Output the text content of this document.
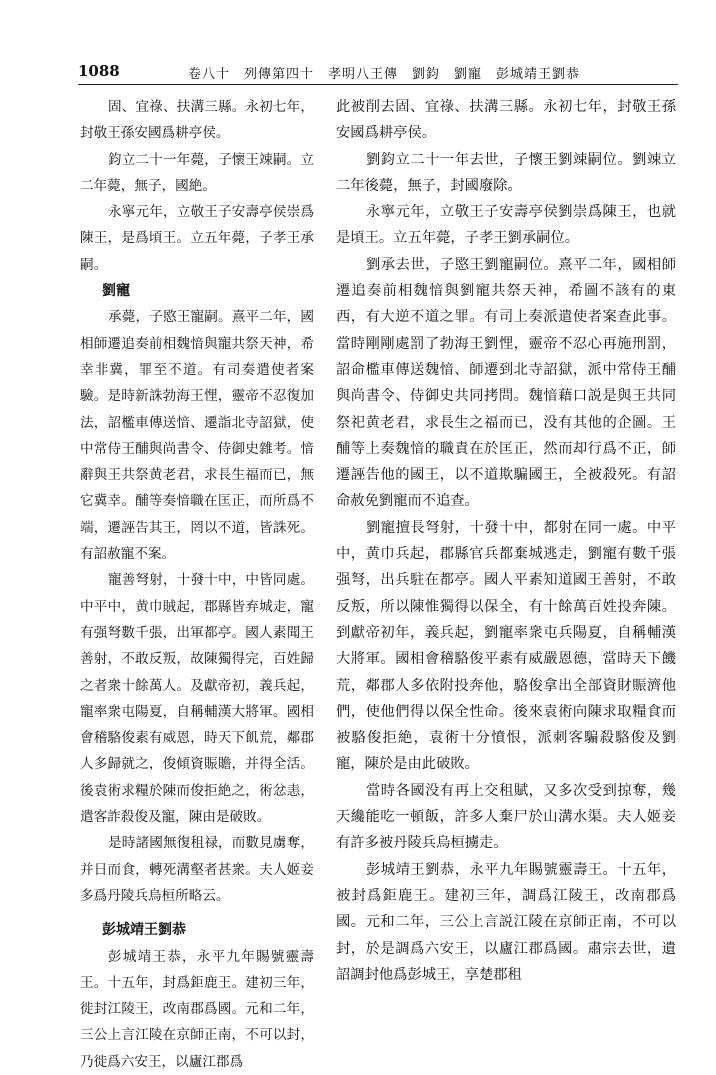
1088	卷八十　列傳第四十　孝明八王傳　劉鈞　劉寵　彭城靖王劉恭

固、宜祿、扶溝三縣。永初七年，封敬王孫安國爲耕亭侯。

鈞立二十一年薨，子懷王竦嗣。立二年薨，無子，國絶。

永寧元年，立敬王子安壽亭侯崇爲陳王，是爲頃王。立五年薨，子孝王承嗣。

劉寵

承薨，子愍王寵嗣。熹平二年，國相師遷追奏前相魏愔與寵共祭天神，希幸非冀，罪至不道。有司奏遣使者案驗。是時新誅勃海王悝，靈帝不忍復加法，詔檻車傳送愔、遷詣北寺詔獄，使中常侍王酺與尚書令、侍御史雜考。愔辭與王共祭黄老君，求長生福而已，無它冀幸。酺等奏愔職在匡正，而所爲不端，遷誣告其王，罔以不道，皆誅死。有詔赦寵不案。

寵善弩射，十發十中，中皆同處。中平中，黄巾賊起，郡縣皆弃城走，寵有强弩數千張，出軍都亭。國人素聞王善射，不敢反叛，故陳獨得完，百姓歸之者衆十餘萬人。及獻帝初，義兵起，寵率衆屯陽夏，自稱輔漢大將軍。國相會稽駱俊素有威恩，時天下飢荒，鄰郡人多歸就之，俊傾資賑贍，并得全活。後袁術求糧於陳而俊拒絶之，術忿恚，遣客詐殺俊及寵，陳由是破敗。

是時諸國無復租禄，而數見虜奪，并日而食，轉死溝壑者甚衆。夫人姬妾多爲丹陵兵烏桓所略云。

彭城靖王劉恭

彭城靖王恭，永平九年賜號靈壽王。十五年，封爲鉅鹿王。建初三年，徙封江陵王，改南郡爲國。元和二年，三公上言江陵在京師正南，不可以封，乃徙爲六安王，以廬江郡爲

此被削去固、宜祿、扶溝三縣。永初七年，封敬王孫安國爲耕亭侯。

劉鈞立二十一年去世，子懷王劉竦嗣位。劉竦立二年後薨，無子，封國廢除。

永寧元年，立敬王子安壽亭侯劉崇爲陳王，也就是頃王。立五年薨，子孝王劉承嗣位。

劉承去世，子愍王劉寵嗣位。熹平二年，國相師遷追奏前相魏愔與劉寵共祭天神，希圖不該有的東西，有大逆不道之罪。有司上奏派遣使者案查此事。當時剛剛處罰了勃海王劉悝，靈帝不忍心再施刑罰，詔命檻車傳送魏愔、師遷到北寺詔獄，派中常侍王酺與尚書令、侍御史共同拷問。魏愔藉口説是與王共同祭祀黄老君，求長生之福而已，没有其他的企圖。王酺等上奏魏愔的職責在於匡正，然而却行爲不正，師遷誣告他的國王，以不道欺騙國王，全被殺死。有詔命赦免劉寵而不追查。

劉寵擅長弩射，十發十中，都射在同一處。中平中，黄巾兵起，郡縣官兵都棄城逃走，劉寵有數千張强弩，出兵駐在都亭。國人平素知道國王善射，不敢反叛，所以陳惟獨得以保全，有十餘萬百姓投奔陳。到獻帝初年，義兵起，劉寵率衆屯兵陽夏，自稱輔漢大將軍。國相會稽駱俊平素有威嚴恩德，當時天下饑荒，鄰郡人多依附投奔他，駱俊拿出全部資財賑濟他們，使他們得以保全性命。後來袁術向陳求取糧食而被駱俊拒絶，袁術十分憤恨，派刺客騙殺駱俊及劉寵，陳於是由此破敗。

當時各國没有再上交租賦，又多次受到掠奪，幾天纔能吃一頓飯，許多人棄尸於山溝水渠。夫人姬妾有許多被丹陵兵烏桓擄走。

彭城靖王劉恭，永平九年賜號靈壽王。十五年，被封爲鉅鹿王。建初三年，調爲江陵王，改南郡爲國。元和二年，三公上言説江陵在京師正南，不可以封，於是調爲六安王，以廬江郡爲國。肅宗去世，遺詔調封他爲彭城王，享楚郡租
